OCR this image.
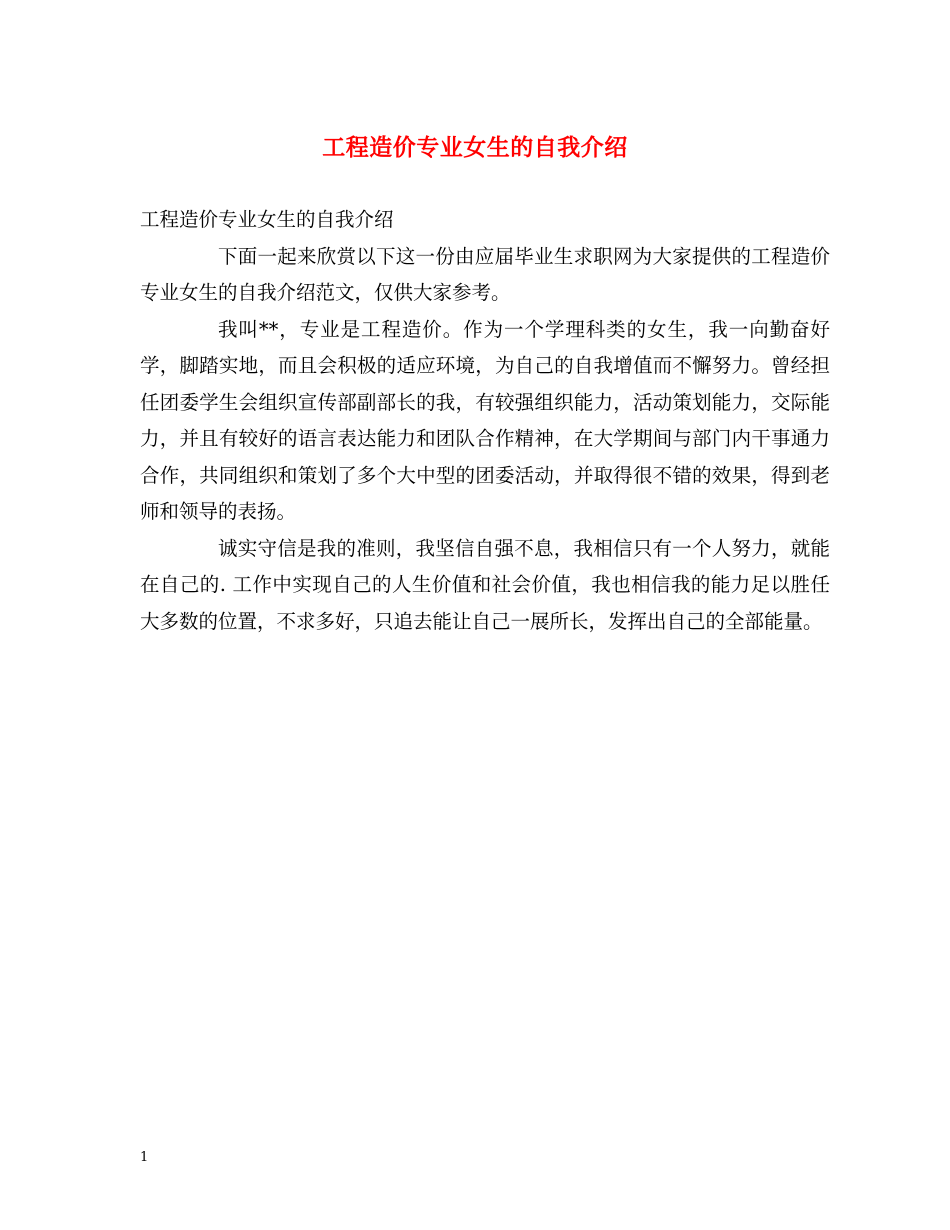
工程造价专业女生的自我介绍

工程造价专业女生的自我介绍

下面一起来欣赏以下这一份由应届毕业生求职网为大家提供的工程造价专业女生的自我介绍范文，仅供大家参考。

我叫**，专业是工程造价。作为一个学理科类的女生，我一向勤奋好学，脚踏实地，而且会积极的适应环境，为自己的自我增值而不懈努力。曾经担任团委学生会组织宣传部副部长的我，有较强组织能力，活动策划能力，交际能力，并且有较好的语言表达能力和团队合作精神，在大学期间与部门内干事通力合作，共同组织和策划了多个大中型的团委活动，并取得很不错的效果，得到老师和领导的表扬。

诚实守信是我的准则，我坚信自强不息，我相信只有一个人努力，就能在自己的. 工作中实现自己的人生价值和社会价值，我也相信我的能力足以胜任大多数的位置，不求多好，只追去能让自己一展所长，发挥出自己的全部能量。

1
